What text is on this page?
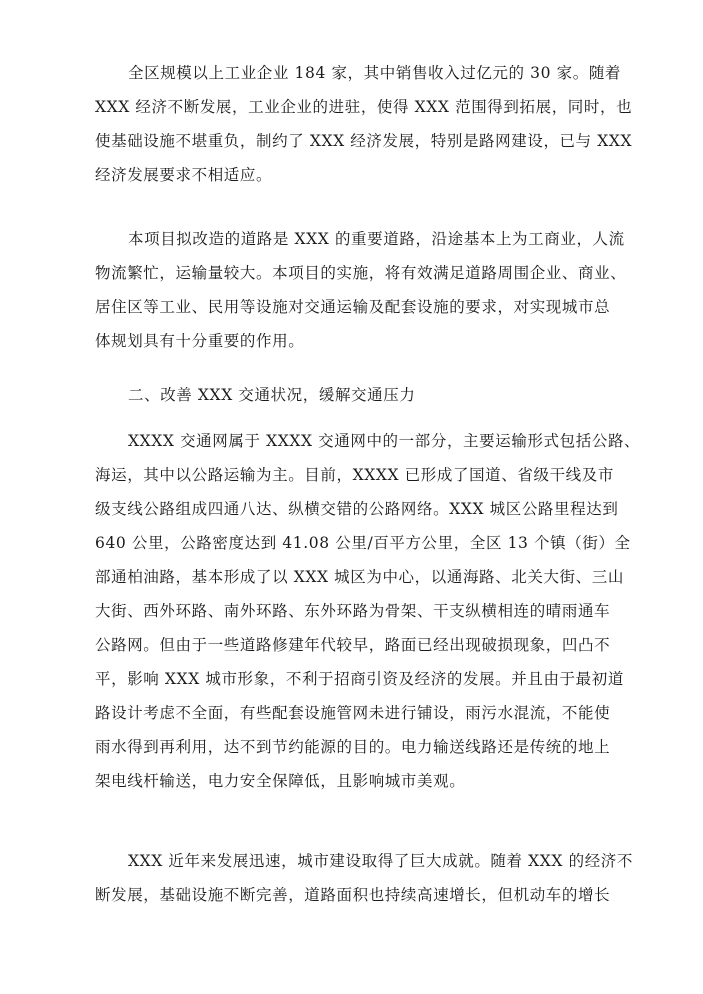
全区规模以上工业企业 184 家，其中销售收入过亿元的 30 家。随着
XXX 经济不断发展，工业企业的进驻，使得 XXX 范围得到拓展，同时，也
使基础设施不堪重负，制约了 XXX 经济发展，特别是路网建设，已与 XXX
经济发展要求不相适应。
本项目拟改造的道路是 XXX 的重要道路，沿途基本上为工商业，人流
物流繁忙，运输量较大。本项目的实施，将有效满足道路周围企业、商业、
居住区等工业、民用等设施对交通运输及配套设施的要求，对实现城市总
体规划具有十分重要的作用。
二、改善 XXX 交通状况，缓解交通压力
XXXX 交通网属于 XXXX 交通网中的一部分，主要运输形式包括公路、
海运，其中以公路运输为主。目前，XXXX 已形成了国道、省级干线及市
级支线公路组成四通八达、纵横交错的公路网络。XXX 城区公路里程达到
640 公里，公路密度达到 41.08 公里/百平方公里，全区 13 个镇（街）全
部通柏油路，基本形成了以 XXX 城区为中心，以通海路、北关大街、三山
大街、西外环路、南外环路、东外环路为骨架、干支纵横相连的晴雨通车
公路网。但由于一些道路修建年代较早，路面已经出现破损现象，凹凸不
平，影响 XXX 城市形象，不利于招商引资及经济的发展。并且由于最初道
路设计考虑不全面，有些配套设施管网未进行铺设，雨污水混流，不能使
雨水得到再利用，达不到节约能源的目的。电力输送线路还是传统的地上
架电线杆输送，电力安全保障低，且影响城市美观。
XXX 近年来发展迅速，城市建设取得了巨大成就。随着 XXX 的经济不
断发展，基础设施不断完善，道路面积也持续高速增长，但机动车的增长
